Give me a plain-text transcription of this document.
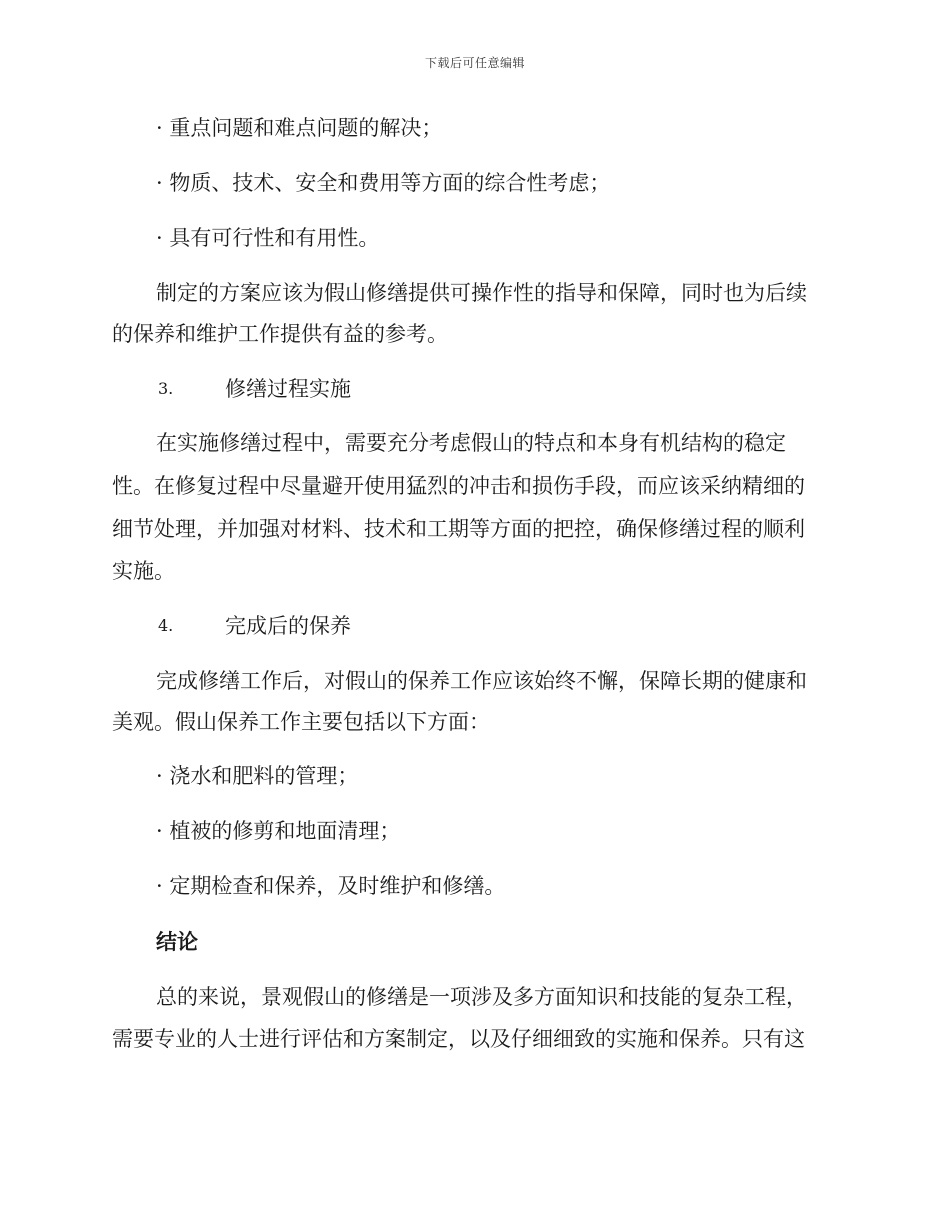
下载后可任意编辑
· 重点问题和难点问题的解决；
· 物质、技术、安全和费用等方面的综合性考虑；
· 具有可行性和有用性。
制定的方案应该为假山修缮提供可操作性的指导和保障，同时也为后续
的保养和维护工作提供有益的参考。
3. 修缮过程实施
在实施修缮过程中，需要充分考虑假山的特点和本身有机结构的稳定
性。在修复过程中尽量避开使用猛烈的冲击和损伤手段，而应该采纳精细的
细节处理，并加强对材料、技术和工期等方面的把控，确保修缮过程的顺利
实施。
4. 完成后的保养
完成修缮工作后，对假山的保养工作应该始终不懈，保障长期的健康和
美观。假山保养工作主要包括以下方面：
· 浇水和肥料的管理；
· 植被的修剪和地面清理；
· 定期检查和保养，及时维护和修缮。
结论
总的来说，景观假山的修缮是一项涉及多方面知识和技能的复杂工程，
需要专业的人士进行评估和方案制定，以及仔细细致的实施和保养。只有这
